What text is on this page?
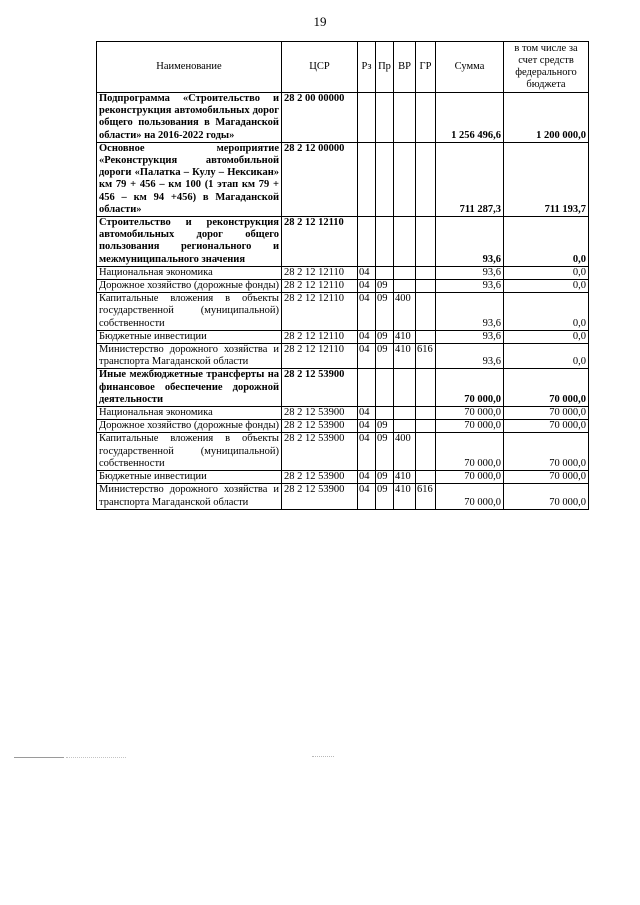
19
Наименование	ЦСР	Рз	Пр	ВР	ГР	Сумма	в том числе за счет средств федерального бюджета
Подпрограмма «Строительство и реконструкция автомобильных дорог общего пользования в Магаданской области» на 2016-2022 годы»	28 2 00 00000					1 256 496,6	1 200 000,0
Основное мероприятие «Реконструкция автомобильной дороги «Палатка – Кулу – Нексикан» км 79 + 456 – км 100 (1 этап км 79 + 456 – км 94 +456) в Магаданской области»	28 2 12 00000					711 287,3	711 193,7
Строительство и реконструкция автомобильных дорог общего пользования регионального и межмуниципального значения	28 2 12 12110					93,6	0,0
Национальная экономика	28 2 12 12110	04				93,6	0,0
Дорожное хозяйство (дорожные фонды)	28 2 12 12110	04	09			93,6	0,0
Капитальные вложения в объекты государственной (муниципальной) собственности	28 2 12 12110	04	09	400		93,6	0,0
Бюджетные инвестиции	28 2 12 12110	04	09	410		93,6	0,0
Министерство дорожного хозяйства и транспорта Магаданской области	28 2 12 12110	04	09	410	616	93,6	0,0
Иные межбюджетные трансферты на финансовое обеспечение дорожной деятельности	28 2 12 53900					70 000,0	70 000,0
Национальная экономика	28 2 12 53900	04				70 000,0	70 000,0
Дорожное хозяйство (дорожные фонды)	28 2 12 53900	04	09			70 000,0	70 000,0
Капитальные вложения в объекты государственной (муниципальной) собственности	28 2 12 53900	04	09	400		70 000,0	70 000,0
Бюджетные инвестиции	28 2 12 53900	04	09	410		70 000,0	70 000,0
Министерство дорожного хозяйства и транспорта Магаданской области	28 2 12 53900	04	09	410	616	70 000,0	70 000,0
